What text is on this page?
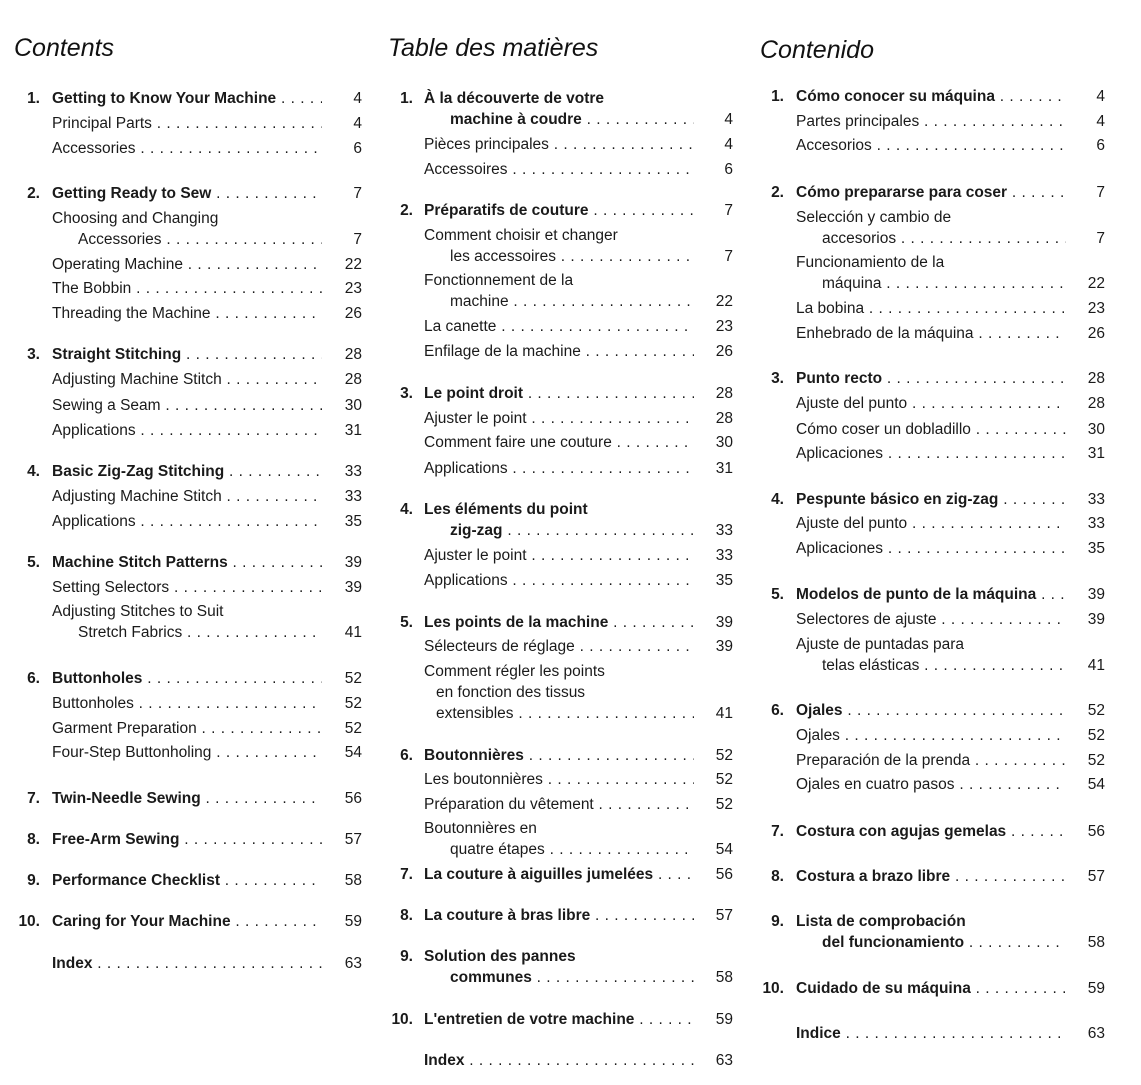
Contents
1. Getting to Know Your Machine . . .	4
Principal Parts . . .	4
Accessories . . .	6
2. Getting Ready to Sew . . .	7
Choosing and Changing
Accessories . . .	7
Operating Machine . . .	22
The Bobbin . . .	23
Threading the Machine . . .	26
3. Straight Stitching . . .	28
Adjusting Machine Stitch . . .	28
Sewing a Seam . . .	30
Applications . . .	31
4. Basic Zig-Zag Stitching . . .	33
Adjusting Machine Stitch . . .	33
Applications . . .	35
5. Machine Stitch Patterns . . .	39
Setting Selectors . . .	39
Adjusting Stitches to Suit
Stretch Fabrics . . .	41
6. Buttonholes . . .	52
Buttonholes . . .	52
Garment Preparation . . .	52
Four-Step Buttonholing . . .	54
7. Twin-Needle Sewing . . .	56
8. Free-Arm Sewing . . .	57
9. Performance Checklist . . .	58
10. Caring for Your Machine . . .	59
Index . . .	63
Table des matières
1. À la découverte de votre
machine à coudre . . .	4
Pièces principales . . .	4
Accessoires . . .	6
2. Préparatifs de couture . . .	7
Comment choisir et changer
les accessoires . . .	7
Fonctionnement de la
machine . . .	22
La canette . . .	23
Enfilage de la machine . . .	26
3. Le point droit . . .	28
Ajuster le point . . .	28
Comment faire une couture . . .	30
Applications . . .	31
4. Les éléments du point
zig-zag . . .	33
Ajuster le point . . .	33
Applications . . .	35
5. Les points de la machine . . .	39
Sélecteurs de réglage . . .	39
Comment régler les points
en fonction des tissus
extensibles . . .	41
6. Boutonnières . . .	52
Les boutonnières . . .	52
Préparation du vêtement . . .	52
Boutonnières en
quatre étapes . . .	54
7. La couture à aiguilles jumelées . . .	56
8. La couture à bras libre . . .	57
9. Solution des pannes
communes . . .	58
10. L'entretien de votre machine . . .	59
Index . . .	63
Contenido
1. Cómo conocer su máquina . . .	4
Partes principales . . .	4
Accesorios . . .	6
2. Cómo prepararse para coser . . .	7
Selección y cambio de
accesorios . . .	7
Funcionamiento de la
máquina . . .	22
La bobina . . .	23
Enhebrado de la máquina . . .	26
3. Punto recto . . .	28
Ajuste del punto . . .	28
Cómo coser un dobladillo . . .	30
Aplicaciones . . .	31
4. Pespunte básico en zig-zag . . .	33
Ajuste del punto . . .	33
Aplicaciones . . .	35
5. Modelos de punto de la máquina . . .	39
Selectores de ajuste . . .	39
Ajuste de puntadas para
telas elásticas . . .	41
6. Ojales . . .	52
Ojales . . .	52
Preparación de la prenda . . .	52
Ojales en cuatro pasos . . .	54
7. Costura con agujas gemelas . . .	56
8. Costura a brazo libre . . .	57
9. Lista de comprobación
del funcionamiento . . .	58
10. Cuidado de su máquina . . .	59
Indice . . .	63
